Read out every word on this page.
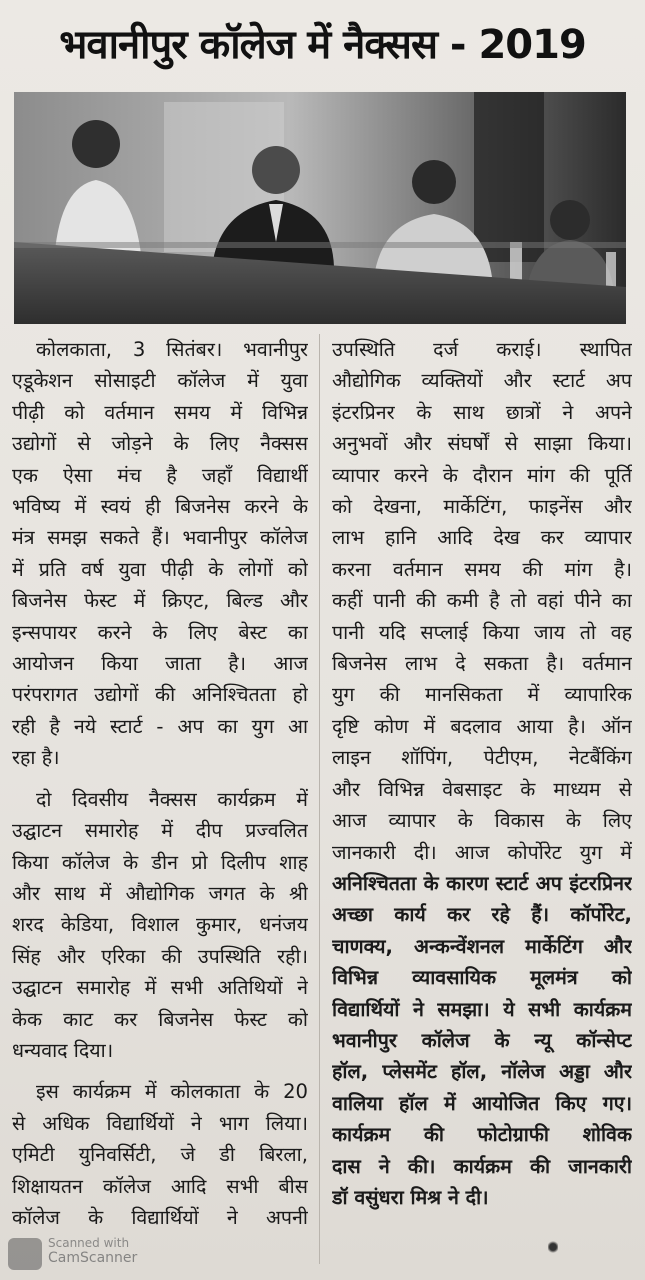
भवानीपुर कॉलेज में नैक्सस - 2019

कोलकाता, 3 सितंबर। भवानीपुर
एडूकेशन सोसाइटी कॉलेज में युवा
पीढ़ी को वर्तमान समय में विभिन्न
उद्योगों से जोड़ने के लिए नैक्सस
एक ऐसा मंच है जहाँ विद्यार्थी
भविष्य में स्वयं ही बिजनेस करने के
मंत्र समझ सकते हैं। भवानीपुर कॉलेज
में प्रति वर्ष युवा पीढ़ी के लोगों को
बिजनेस फेस्ट में क्रिएट, बिल्ड और
इन्सपायर करने के लिए बेस्ट का
आयोजन किया जाता है। आज
परंपरागत उद्योगों की अनिश्चितता हो
रही है नये स्टार्ट - अप का युग आ
रहा है।

दो दिवसीय नैक्सस कार्यक्रम में
उद्घाटन समारोह में दीप प्रज्वलित
किया कॉलेज के डीन प्रो दिलीप शाह
और साथ में औद्योगिक जगत के श्री
शरद केडिया, विशाल कुमार, धनंजय
सिंह और एरिका की उपस्थिति रही।
उद्घाटन समारोह में सभी अतिथियों ने
केक काट कर बिजनेस फेस्ट को
धन्यवाद दिया।

इस कार्यक्रम में कोलकाता के 20
से अधिक विद्यार्थियों ने भाग लिया।
एमिटी युनिवर्सिटी, जे डी बिरला,
शिक्षायतन कॉलेज आदि सभी बीस
कॉलेज के विद्यार्थियों ने अपनी

उपस्थिति दर्ज कराई। स्थापित
औद्योगिक व्यक्तियों और स्टार्ट अप
इंटरप्रिनर के साथ छात्रों ने अपने
अनुभवों और संघर्षों से साझा किया।
व्यापार करने के दौरान मांग की पूर्ति
को देखना, मार्केटिंग, फाइनेंस और
लाभ हानि आदि देख कर व्यापार
करना वर्तमान समय की मांग है।
कहीं पानी की कमी है तो वहां पीने का
पानी यदि सप्लाई किया जाय तो वह
बिजनेस लाभ दे सकता है। वर्तमान
युग की मानसिकता में व्यापारिक
दृष्टि कोण में बदलाव आया है। ऑन
लाइन शॉपिंग, पेटीएम, नेटबैंकिंग
और विभिन्न वेबसाइट के माध्यम से
आज व्यापार के विकास के लिए
जानकारी दी। आज कोर्पोरेट युग में

अनिश्चितता के कारण स्टार्ट अप इंटरप्रिनर
अच्छा कार्य कर रहे हैं। कॉर्पोरेट,
चाणक्य, अन्कन्वेंशनल मार्केटिंग और
विभिन्न व्यावसायिक मूलमंत्र को
विद्यार्थियों ने समझा। ये सभी कार्यक्रम
भवानीपुर कॉलेज के न्यू कॉन्सेप्ट
हॉल, प्लेसमेंट हॉल, नॉलेज अड्डा और
वालिया हॉल में आयोजित किए गए।
कार्यक्रम की फोटोग्राफी शोविक
दास ने की। कार्यक्रम की जानकारी
डॉ वसुंधरा मिश्र ने दी।

Scanned with
CamScanner
